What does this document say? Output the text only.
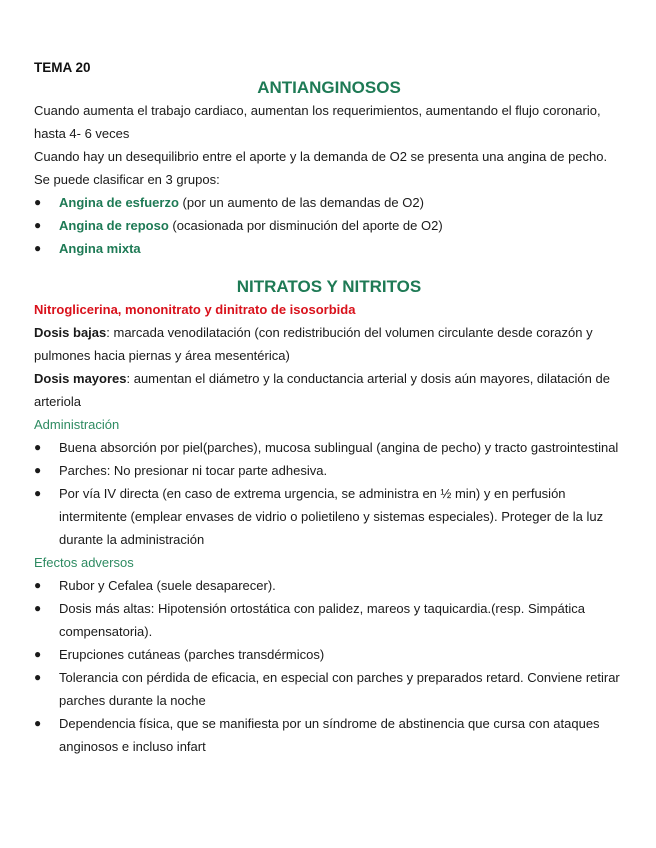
TEMA 20
ANTIANGINOSOS

Cuando aumenta el trabajo cardiaco, aumentan los requerimientos, aumentando el flujo coronario, hasta 4- 6 veces

Cuando hay un desequilibrio entre el aporte y la demanda de O2 se presenta una angina de pecho. Se puede clasificar en 3 grupos:

●	Angina de esfuerzo (por un aumento de las demandas de O2)
●	Angina de reposo (ocasionada por disminución del aporte de O2)
●	Angina mixta
NITRATOS Y NITRITOS

Nitroglicerina, mononitrato y dinitrato de isosorbida

Dosis bajas: marcada venodilatación (con redistribución del volumen circulante desde corazón y pulmones hacia piernas y área mesentérica)

Dosis mayores: aumentan el diámetro y la conductancia arterial y dosis aún mayores, dilatación de arteriola

Administración

●	Buena absorción por piel(parches), mucosa sublingual (angina de pecho) y tracto gastrointestinal
●	Parches: No presionar ni tocar parte adhesiva.
●	Por vía IV directa (en caso de extrema urgencia, se administra en ½ min) y en perfusión intermitente (emplear envases de vidrio o polietileno y sistemas especiales). Proteger de la luz durante la administración

Efectos adversos

●	Rubor y Cefalea (suele desaparecer).
●	Dosis más altas: Hipotensión ortostática con palidez, mareos y taquicardia.(resp. Simpática compensatoria).
●	Erupciones cutáneas (parches transdérmicos)
●	Tolerancia con pérdida de eficacia, en especial con parches y preparados retard. Conviene retirar parches durante la noche
●	Dependencia física, que se manifiesta por un síndrome de abstinencia que cursa con ataques anginosos e incluso infart
